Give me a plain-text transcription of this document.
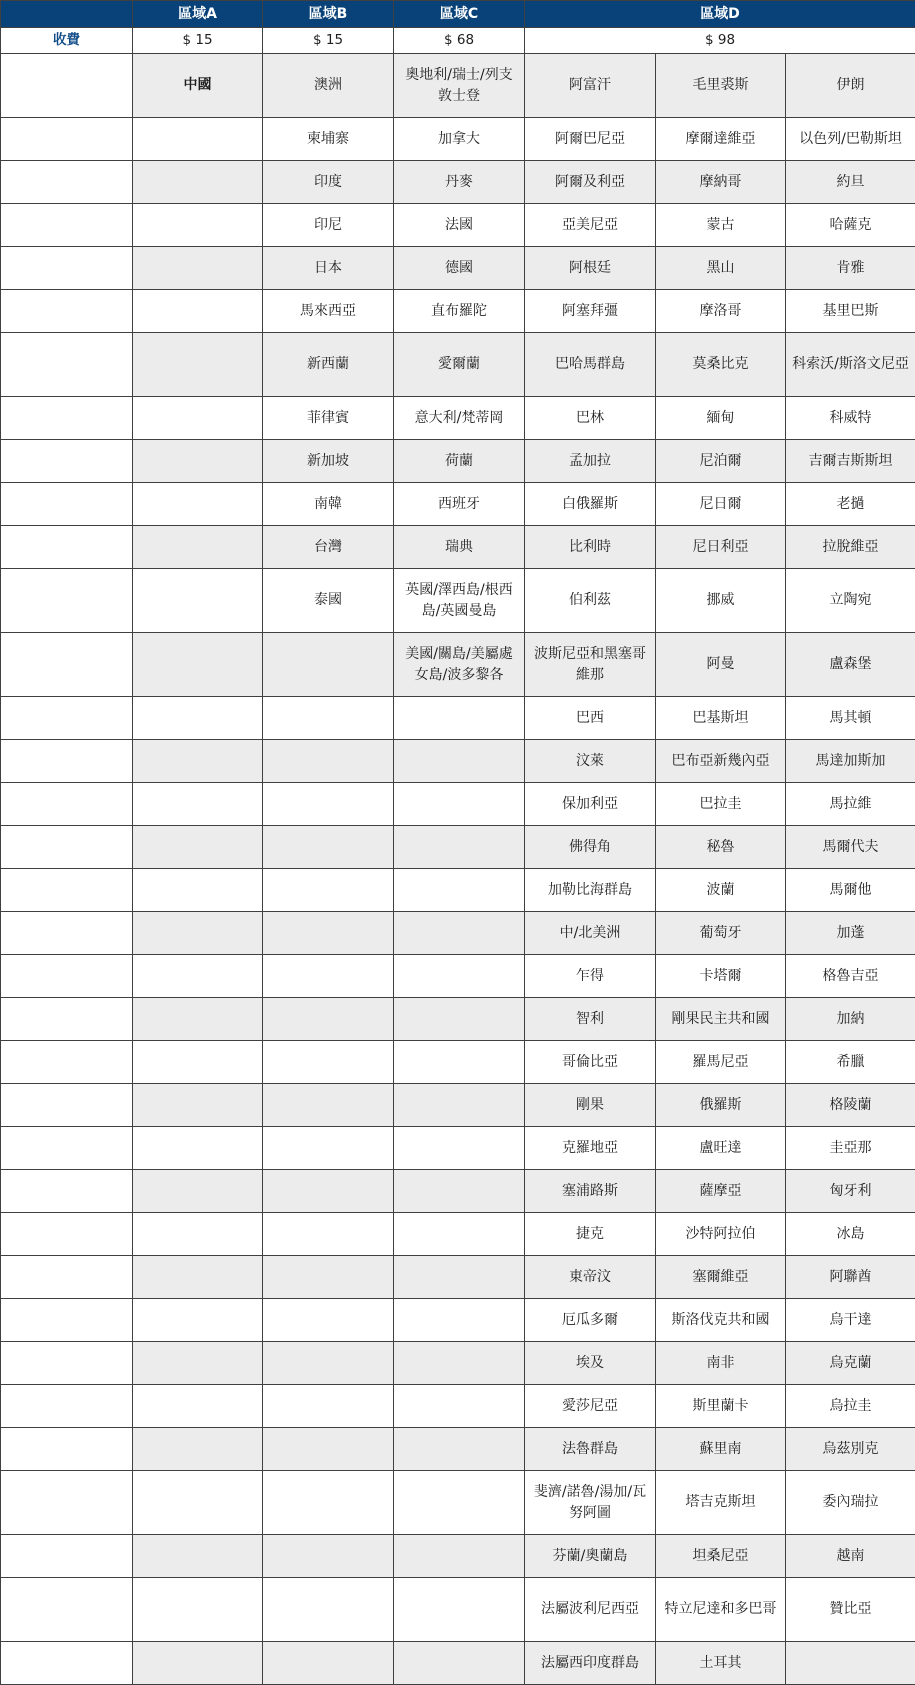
	區域A	區域B	區域C	區域D		
收費	$ 15	$ 15	$ 68	$ 98		
	中國	澳洲	奧地利/瑞士/列支敦士登	阿富汗	毛里裘斯	伊朗
		柬埔寨	加拿大	阿爾巴尼亞	摩爾達維亞	以色列/巴勒斯坦
		印度	丹麥	阿爾及利亞	摩納哥	約旦
		印尼	法國	亞美尼亞	蒙古	哈薩克
		日本	德國	阿根廷	黑山	肯雅
		馬來西亞	直布羅陀	阿塞拜彊	摩洛哥	基里巴斯
		新西蘭	愛爾蘭	巴哈馬群島	莫桑比克	科索沃/斯洛文尼亞
		菲律賓	意大利/梵蒂岡	巴林	緬甸	科威特
		新加坡	荷蘭	孟加拉	尼泊爾	吉爾吉斯斯坦
		南韓	西班牙	白俄羅斯	尼日爾	老撾
		台灣	瑞典	比利時	尼日利亞	拉脫維亞
		泰國	英國/澤西島/根西島/英國曼島	伯利茲	挪威	立陶宛
			美國/關島/美屬處女島/波多黎各	波斯尼亞和黑塞哥維那	阿曼	盧森堡
				巴西	巴基斯坦	馬其頓
				汶萊	巴布亞新幾內亞	馬達加斯加
				保加利亞	巴拉圭	馬拉維
				佛得角	秘魯	馬爾代夫
				加勒比海群島	波蘭	馬爾他
				中/北美洲	葡萄牙	加蓬
				乍得	卡塔爾	格魯吉亞
				智利	剛果民主共和國	加納
				哥倫比亞	羅馬尼亞	希臘
				剛果	俄羅斯	格陵蘭
				克羅地亞	盧旺達	圭亞那
				塞浦路斯	薩摩亞	匈牙利
				捷克	沙特阿拉伯	冰島
				東帝汶	塞爾維亞	阿聯酋
				厄瓜多爾	斯洛伐克共和國	烏干達
				埃及	南非	烏克蘭
				愛莎尼亞	斯里蘭卡	烏拉圭
				法魯群島	蘇里南	烏茲別克
				斐濟/諾魯/湯加/瓦努阿圖	塔吉克斯坦	委內瑞拉
				芬蘭/奧蘭島	坦桑尼亞	越南
				法屬波利尼西亞	特立尼達和多巴哥	贊比亞
				法屬西印度群島	土耳其	
